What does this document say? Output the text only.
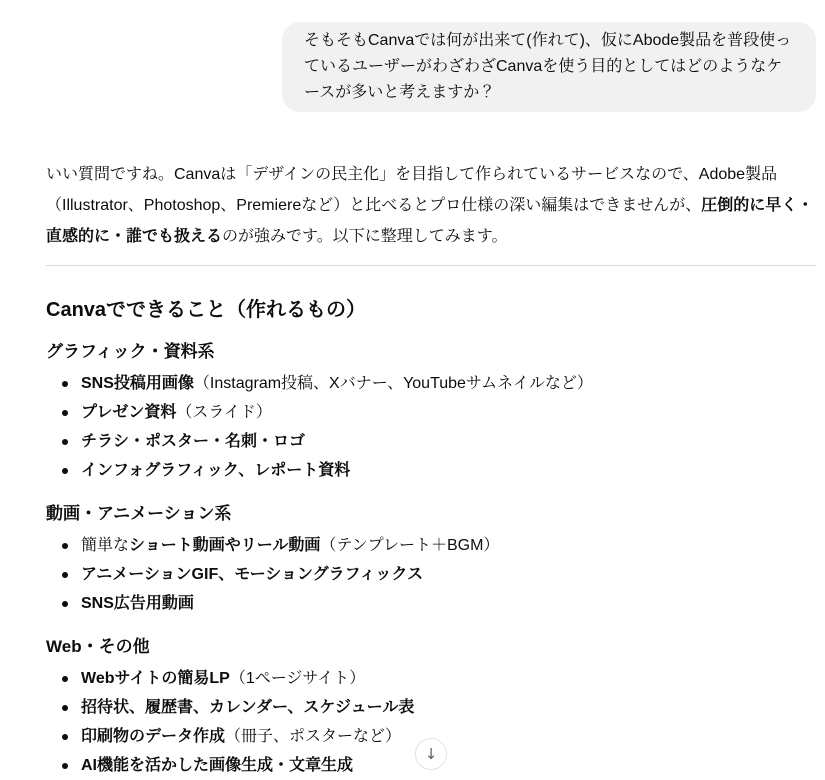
そもそもCanvaでは何が出来て(作れて)、仮にAbode製品を普段使っているユーザーがわざわざCanvaを使う目的としてはどのようなケースが多いと考えますか？

いい質問ですね。Canvaは「デザインの民主化」を目指して作られているサービスなので、Adobe製品（Illustrator、Photoshop、Premiereなど）と比べるとプロ仕様の深い編集はできませんが、圧倒的に早く・直感的に・誰でも扱えるのが強みです。以下に整理してみます。

Canvaでできること（作れるもの）
グラフィック・資料系
SNS投稿用画像（Instagram投稿、Xバナー、YouTubeサムネイルなど）
プレゼン資料（スライド）
チラシ・ポスター・名刺・ロゴ
インフォグラフィック、レポート資料
動画・アニメーション系
簡単なショート動画やリール動画（テンプレート＋BGM）
アニメーションGIF、モーショングラフィックス
SNS広告用動画
Web・その他
Webサイトの簡易LP（1ページサイト）
招待状、履歴書、カレンダー、スケジュール表
印刷物のデータ作成（冊子、ポスターなど）
AI機能を活かした画像生成・文章生成
↓
